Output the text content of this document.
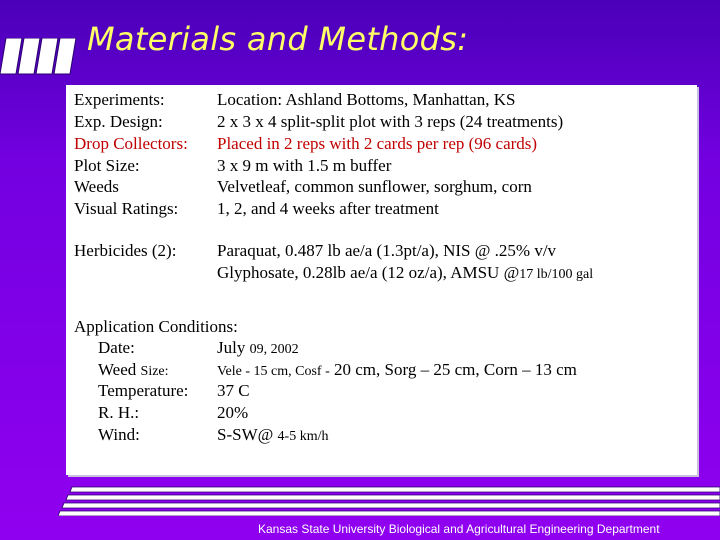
Materials and Methods:
Experiments:	Location: Ashland Bottoms, Manhattan, KS
Exp. Design:	2 x 3 x 4 split-split plot with 3 reps (24 treatments)
Drop Collectors: Placed in 2 reps with 2 cards per rep (96 cards)
Plot Size:	3 x 9 m with 1.5 m buffer
Weeds	Velvetleaf, common sunflower, sorghum, corn
Visual Ratings: 1, 2, and 4 weeks after treatment
Herbicides (2): Paraquat, 0.487 lb ae/a (1.3pt/a), NIS @ .25% v/v
Glyphosate, 0.28lb ae/a (12 oz/a), AMSU @17 lb/100 gal
Application Conditions:
Date:	July 09, 2002
Weed Size:	Vele - 15 cm, Cosf - 20 cm, Sorg – 25 cm, Corn – 13 cm
Temperature: 37 C
R. H.:	20%
Wind:	S-SW@ 4-5 km/h

Kansas State University Biological and Agricultural Engineering Department
